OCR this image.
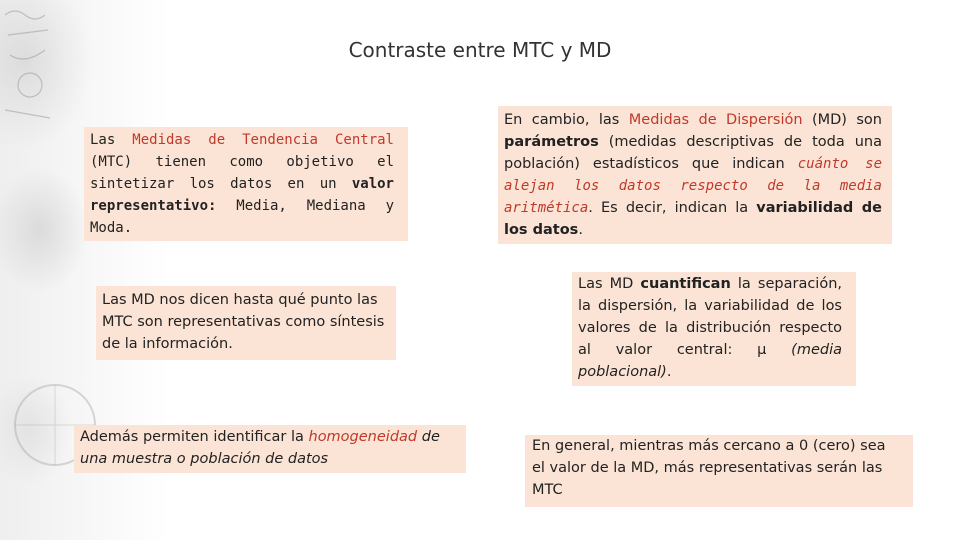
Contraste entre MTC y MD
Las Medidas de Tendencia Central (MTC) tienen como objetivo el sintetizar los datos en un valor representativo: Media, Mediana y Moda.
En cambio, las Medidas de Dispersión (MD) son parámetros (medidas descriptivas de toda una población) estadísticos que indican cuánto se alejan los datos respecto de la media aritmética. Es decir, indican la variabilidad de los datos.
Las MD nos dicen hasta qué punto las MTC son representativas como síntesis de la información.
Las MD cuantifican la separación, la dispersión, la variabilidad de los valores de la distribución respecto al valor central: μ (media poblacional).
Además permiten identificar la homogeneidad de una muestra o población de datos
En general, mientras más cercano a 0 (cero) sea el valor de la MD, más representativas serán las MTC
